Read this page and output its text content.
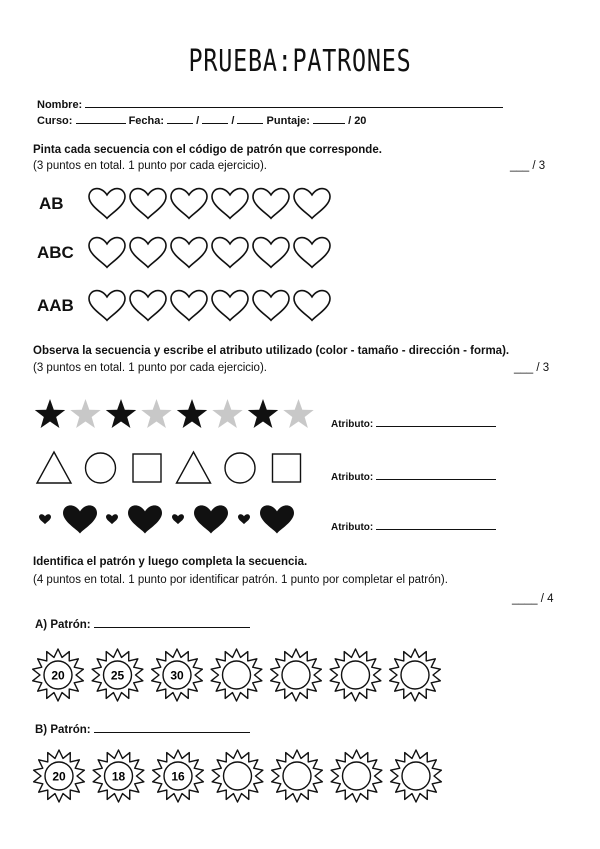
PRUEBA:PATRONES
Nombre:
Curso:	Fecha:	/	/	Puntaje:	/ 20
Pinta cada secuencia con el código de patrón que corresponde.
(3 puntos en total. 1 punto por cada ejercicio).	___ / 3
AB
ABC
AAB
Observa la secuencia y escribe el atributo utilizado (color - tamaño - dirección - forma).
(3 puntos en total. 1 punto por cada ejercicio).	___ / 3
Atributo:
Atributo:
Atributo:
Identifica el patrón y luego completa la secuencia.
(4 puntos en total. 1 punto por identificar patrón. 1 punto por completar el patrón).
____ / 4
A) Patrón:
B) Patrón:
20	25	30
20	18	16
